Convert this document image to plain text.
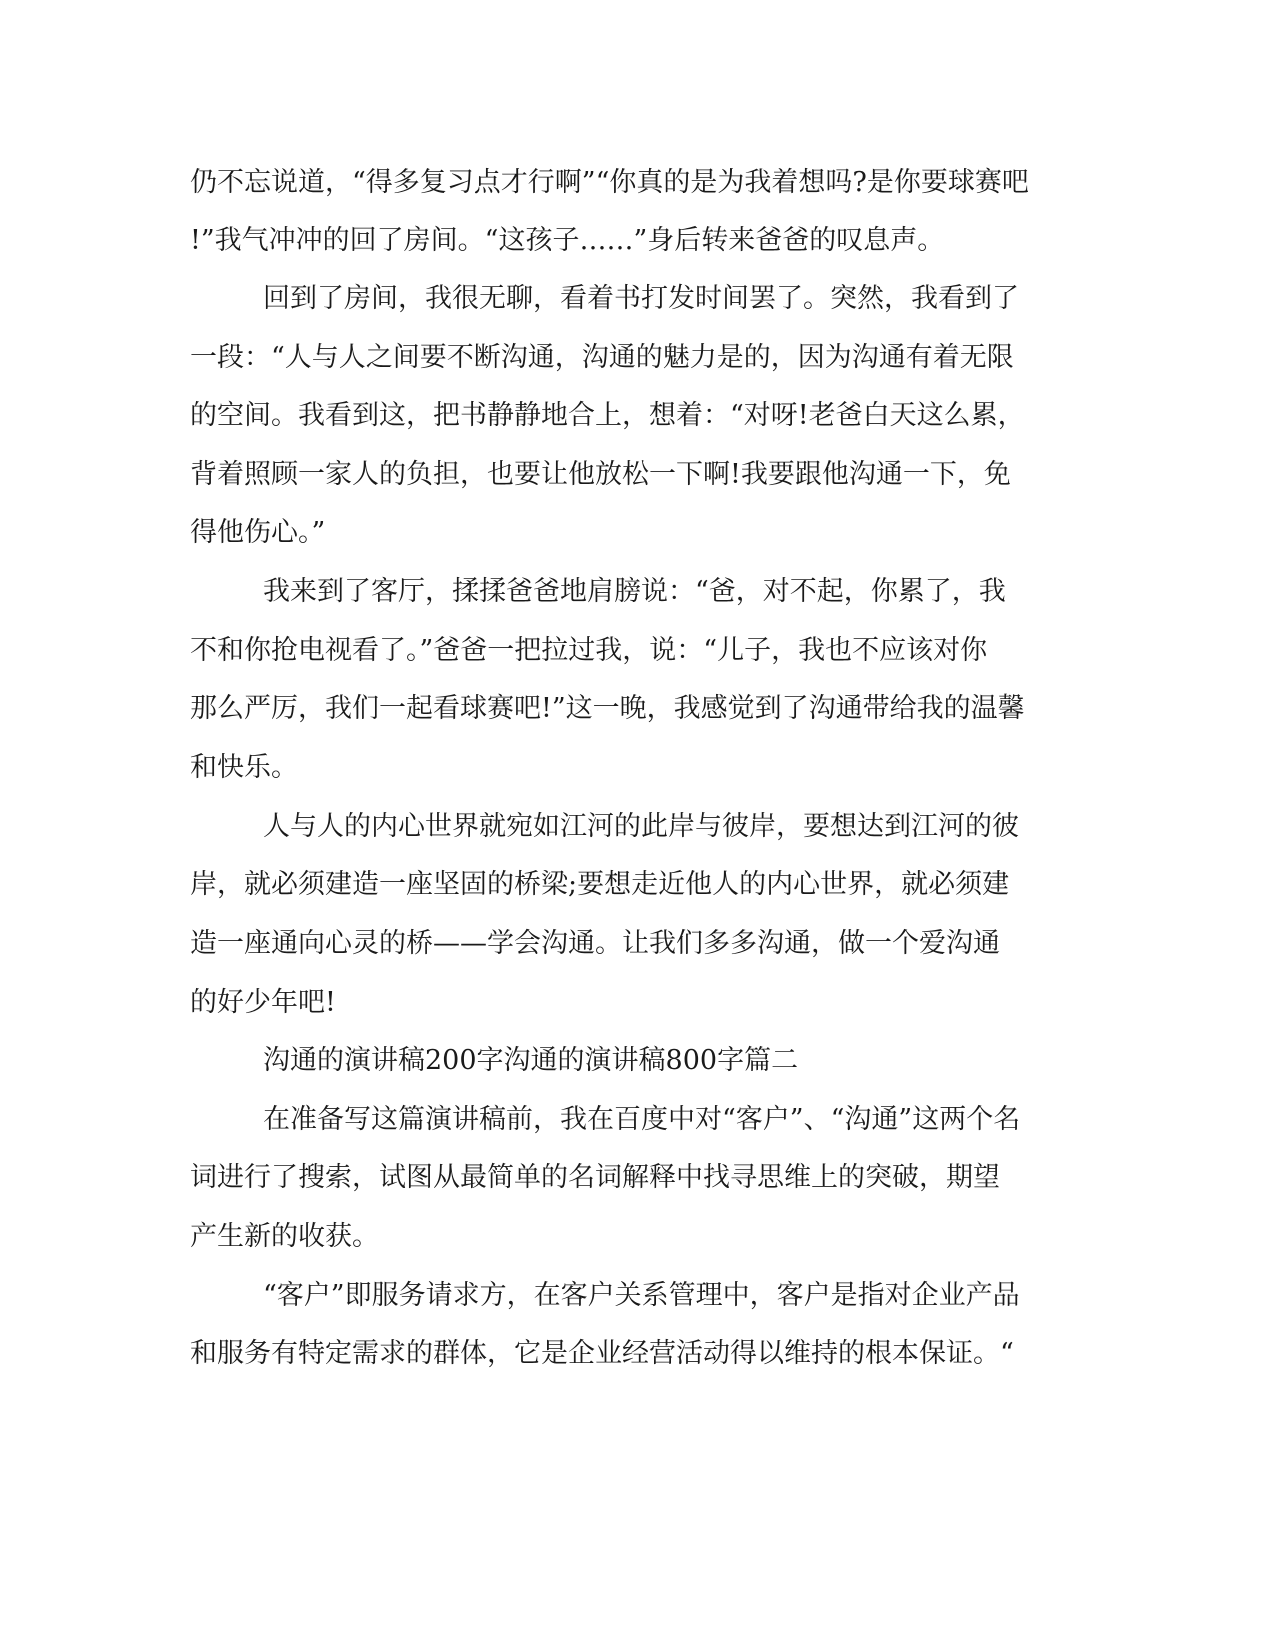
仍不忘说道，“得多复习点才行啊”“你真的是为我着想吗?是你要球赛吧
!”我气冲冲的回了房间。“这孩子……”身后转来爸爸的叹息声。
回到了房间，我很无聊，看着书打发时间罢了。突然，我看到了
一段：“人与人之间要不断沟通，沟通的魅力是的，因为沟通有着无限
的空间。我看到这，把书静静地合上，想着：“对呀!老爸白天这么累，
背着照顾一家人的负担，也要让他放松一下啊!我要跟他沟通一下，免
得他伤心。”
我来到了客厅，揉揉爸爸地肩膀说：“爸，对不起，你累了，我
不和你抢电视看了。”爸爸一把拉过我，说：“儿子，我也不应该对你
那么严厉，我们一起看球赛吧!”这一晚，我感觉到了沟通带给我的温馨
和快乐。
人与人的内心世界就宛如江河的此岸与彼岸，要想达到江河的彼
岸，就必须建造一座坚固的桥梁;要想走近他人的内心世界，就必须建
造一座通向心灵的桥——学会沟通。让我们多多沟通，做一个爱沟通
的好少年吧!
沟通的演讲稿200字沟通的演讲稿800字篇二
在准备写这篇演讲稿前，我在百度中对“客户”、“沟通”这两个名
词进行了搜索，试图从最简单的名词解释中找寻思维上的突破，期望
产生新的收获。
“客户”即服务请求方，在客户关系管理中，客户是指对企业产品
和服务有特定需求的群体，它是企业经营活动得以维持的根本保证。“
